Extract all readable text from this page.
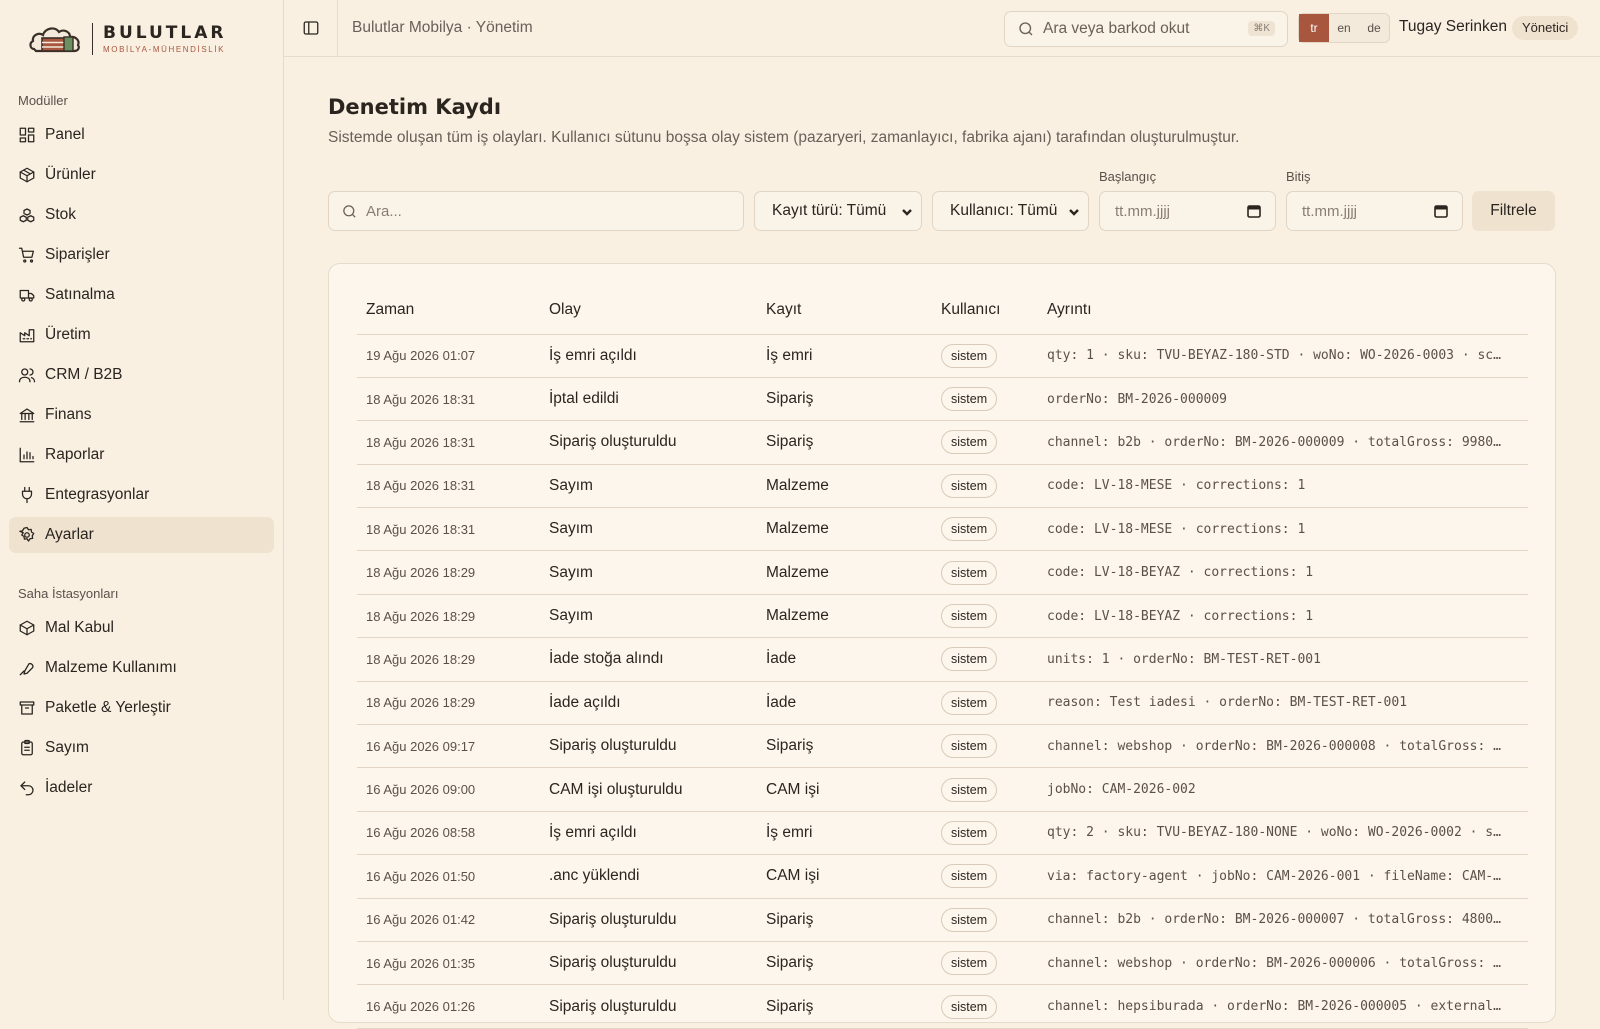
BULUTLAR
MOBİLYA-MÜHENDİSLİK
Modüller
Panel
Ürünler
Stok
Siparişler
Satınalma
Üretim
CRM / B2B
Finans
Raporlar
Entegrasyonlar
Ayarlar
Saha İstasyonları
Mal Kabul
Malzeme Kullanımı
Paketle & Yerleştir
Sayım
İadeler
Bulutlar Mobilya · Yönetim	Ara veya barkod okut	⌘K	tr	en	de	Tugay Serinken	Yönetici
Denetim Kaydı

Sistemde oluşan tüm iş olayları. Kullanıcı sütunu boşsa olay sistem (pazaryeri, zamanlayıcı, fabrika ajanı) tarafından oluşturulmuştur.

Ara...	Kayıt türü: Tümü	Kullanıcı: Tümü
Başlangıç
tt.mm.jjjj
Bitiş
tt.mm.jjjj	Filtrele
Zaman	Olay	Kayıt	Kullanıcı	Ayrıntı
19 Ağu 2026 01:07	İş emri açıldı	İş emri	sistem	qty: 1 · sku: TVU-BEYAZ-180-STD · woNo: WO-2026-0003 · sc…
18 Ağu 2026 18:31	İptal edildi	Sipariş	sistem	orderNo: BM-2026-000009
18 Ağu 2026 18:31	Sipariş oluşturuldu	Sipariş	sistem	channel: b2b · orderNo: BM-2026-000009 · totalGross: 9980…
18 Ağu 2026 18:31	Sayım	Malzeme	sistem	code: LV-18-MESE · corrections: 1
18 Ağu 2026 18:31	Sayım	Malzeme	sistem	code: LV-18-MESE · corrections: 1
18 Ağu 2026 18:29	Sayım	Malzeme	sistem	code: LV-18-BEYAZ · corrections: 1
18 Ağu 2026 18:29	Sayım	Malzeme	sistem	code: LV-18-BEYAZ · corrections: 1
18 Ağu 2026 18:29	İade stoğa alındı	İade	sistem	units: 1 · orderNo: BM-TEST-RET-001
18 Ağu 2026 18:29	İade açıldı	İade	sistem	reason: Test iadesi · orderNo: BM-TEST-RET-001
16 Ağu 2026 09:17	Sipariş oluşturuldu	Sipariş	sistem	channel: webshop · orderNo: BM-2026-000008 · totalGross: …
16 Ağu 2026 09:00	CAM işi oluşturuldu	CAM işi	sistem	jobNo: CAM-2026-002
16 Ağu 2026 08:58	İş emri açıldı	İş emri	sistem	qty: 2 · sku: TVU-BEYAZ-180-NONE · woNo: WO-2026-0002 · s…
16 Ağu 2026 01:50	.anc yüklendi	CAM işi	sistem	via: factory-agent · jobNo: CAM-2026-001 · fileName: CAM-…
16 Ağu 2026 01:42	Sipariş oluşturuldu	Sipariş	sistem	channel: b2b · orderNo: BM-2026-000007 · totalGross: 4800…
16 Ağu 2026 01:35	Sipariş oluşturuldu	Sipariş	sistem	channel: webshop · orderNo: BM-2026-000006 · totalGross: …
16 Ağu 2026 01:26	Sipariş oluşturuldu	Sipariş	sistem	channel: hepsiburada · orderNo: BM-2026-000005 · external…
